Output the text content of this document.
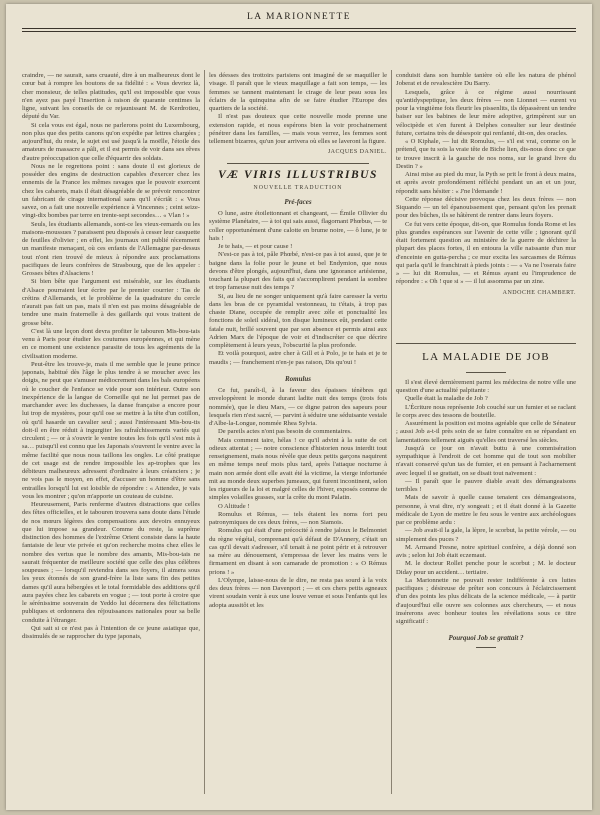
LA MARIONNETTE

craindre, — ne saurait, sans cruauté, dire à un malheureux dont le cœur bat à rompre les boutons de sa fidélité : « Vous devriez là, cher monsieur, de telles platitudes, qu'il est impossible que vous n'en ayez pas payé l'insertion à raison de quarante centimes la ligne, suivant les conseils de ce rejaunissant M. de Kerdrotieu, député du Var.

Si cela vous est égal, nous ne parlerons point du Luxembourg, non plus que des petits canons qu'on expédie par lettres chargées ; aujourd'hui, du reste, le sujet est usé jusqu'à la moëlle, l'étoile des amateurs de massacre a pâli, et il est permis de voir dans ses rêves d'autre préoccupation que celle d'équarrir des soldats.

Nous ne le regrettons point : sans doute il est glorieux de posséder des engins de destruction capables d'exercer chez les ennemis de la France les mêmes ravages que le pouvoir exercent chez les cabarets, mais il était désagréable de se prévoir rencontrer un fabricant de cirage international sans qu'il s'écriât : « Vous savez, on a fait une nouvelle expérience à Vincennes ; ceint seize-vingt-dix bombes par terre en trente-sept secondes… « Vlan ! »

Seuls, les étudiants allemands, sont-ce les vieux-remards ou les maisons-moussues ? paraissent peu disposés à cesser leur casquette de feuilles d'olivier ; en effet, les journaux ont publié récemment un manifeste menaçant, où ces enfants de l'Allemagne par-dessus tout n'ont rien trouvé de mieux à répondre aux proclamations pacifiques de leurs confrères de Strasbourg, que de les appeler : Grosses bêtes d'Alsaciens !

Si bien bête que l'argument est misérable, sur les étudiants d'Alsace pourraient leur écrire par le premier courrier : Tas de crétins d'Allemands, et le problème de la quadrature du cercle n'aurait pas fait un pas, mais il n'en est pas moins désagréable de tendre une main fraternelle à des gaillards qui vous traitent de grosse bête.

C'est là une leçon dont devra profiter le tabouren Mis-bou-tais venu à Paris pour étudier les coutumes européennes, et qui mène en ce moment une existence parasite de tous les agréments de la civilisation moderne.

Peut-être les trouve-je, mais il me semble que le jeune prince japonais, habitué dès l'âge le plus tendre à se moucher avec les doigts, ne peut que s'amuser médiocrement dans les bals européens où le coucher de l'enfance se vide pour son intérieur. Outre son inexpérience de la langue de Corneille qui ne lui permet pas de marchander avec les duchesses, la danse française a encore pour lui trop de mystères, pour qu'il ose se mettre à la tête d'un cotillon, où qu'il hasarde un cavalier seul ; aussi l'intéressant Mis-bou-tis doit-il en être réduit à ingurgiter les rafraîchissements variés qui circulent ; — or à s'ouvrir le ventre toutes les fois qu'il s'est mis à sa… puisqu'il est connu que les Japonais s'ouvrent le ventre avec la même facilité que nous nous taillons les ongles. Le côté pratique de cet usage est de rendre impossible les ap-trophes que les débiteurs malheureux adressent d'ordinaire à leurs créanciers ; je ne vois pas le moyen, en effet, d'accuser un homme d'être sans entrailles lorsqu'il lui est loisible de répondre : « Attendez, je vais vous les montrer ; qu'on m'apporte un couteau de cuisine.

Heureusement, Paris renferme d'autres distractions que celles des fêtes officielles, et le tabouren trouvera sans doute dans l'étude de nos mœurs légères des compensations aux devoirs ennuyeux que lui impose sa grandeur. Comme du reste, la suprême distinction des hommes de l'extrême Orient consiste dans la haute fantaisie de leur vie privée et qu'on recherche moins chez elles le nombre des vertus que le nombre des amants, Mis-bou-tais ne saurait fréquenter de meilleure société que celle des plus célèbres soupeuses ; — lorsqu'il reviendra dans ses foyers, il aimera sous les yeux étonnés de son grand-frère la liste sans fin des petites dames qu'il aura hébergées et le total formidable des additions qu'il aura payées chez les cabarets en vogue ; — tout porte à croire que le sérénissime souverain de Yeddo lui décernera des félicitations publiques et ordonnera des réjouissances nationales pour sa belle conduite à l'étranger.

Qui sait si ce n'est pas à l'intention de ce jeune asiatique que, dissimulés de se rapprocher du type japonais,

les déesses des trottoirs parisiens ont imaginé de se maquiller le visage. Il paraît que le vieux maquillage a fait son temps, — les femmes se tannent maintenant le cirage de leur peau sous les éclairs de la quinquina afin de se faire étudier l'Europe des quartiers de la société.

Il n'est pas douteux que cette nouvelle mode prenne une extension rapide, et nous espérons bien la voir prochainement pénétrer dans les familles, — mais vous verrez, les femmes sont tellement bizarres, qu'un jour arrivera où elles se laveront la figure.

JACQUES DANIEL.
VÆ VIRIS ILLUSTRIBUS
NOUVELLE TRADUCTION
Pré-faces

O lune, astre étoilettonnant et changeant, — Émile Ollivier du système Planétaire, — à toi qui sais aussi, flagornant Phœbus, — te coller opportunément d'une calotte en brume noire, — ô lune, je te hais !

Je te hais, — et pour cause !

N'est-ce pas à toi, pâle Phœbé, n'est-ce pas à toi aussi, que je te baigne dans la folie pour le jeune et bel Endymion, que nous devons d'être plongés, aujourd'hui, dans une ignorance artésienne, touchant la plupart des faits qui s'accomplirent pendant la sombre et trop fameuse nuit des temps ?

Si, au lieu de ne songer uniquement qu'à faire caresser la vertu dans les bras de ce pyramidal vestonneau, tu t'étais, à trop pas chaste Diane, occupée de remplir avec zèle et ponctualité les fonctions de soleil sidéral, ton disque lumineux eût, pendant cette fatale nuit, brillé souvent que par son absence et permis ainsi aux Adrien Marx de l'époque de voir et d'indiscréter ce que décrire complètement à leurs yeux, l'obscurité la plus profonde.

Et voilà pourquoi, astre cher à Gill et à Polo, je te hais et je te maudis ; — franchement n'en-je pas raison, Dis qu'oui !

Romulus

Ce fut, paraît-il, à la faveur des épaisses ténèbres qui enveloppèrent le monde durant ladite nuit des temps (trois fois nommée), que le dieu Mars, — ce digne patron des sapeurs pour lesquels rien n'est sacré, — parvint à séduire une séduisante vestale d'Albe-la-Longue, nommée Rhea Sylvia.

De pareils actes n'ont pas besoin de commentaires.

Mais comment taire, hélas ! ce qu'il advint à la suite de cet odieux attentat ; — notre conscience d'historien nous interdit tout renseignement, mais nous révèle que deux petits garçons naquirent en même temps neuf mois plus tard, après l'attaque nocturne à main non armée dont elle avait été la victime, la vierge infortunée mit au monde deux superbes jumeaux, qui furent incontinent, selon les rigueurs de la loi et malgré celles de l'hiver, exposés comme de simples volailles grasses, sur la crête du mont Palatin.

O Altitude !

Romulus et Rémus, — tels étaient les noms fort peu patronymiques de ces deux frères, — non Siamois.

Romulus qui était d'une précocité à rendre jaloux le Belmontet du règne végétal, comprenant qu'à défaut de D'Annery, c'était un cas qu'il devait s'adresser, s'il tenait à ne point périr et à retrouver sa mère au dénouement, s'empressa de lever les mains vers le firmament en disant à son camarade de promotion : « O Rémus prions ! »

L'Olympe, laisse-nous de le dire, ne resta pas sourd à la voix des deux frères — non Davenport ; — et ces chers petits agneaux virent soudain venir à eux une louve venue et sous l'enfants qui les adopta aussitôt et les

conduisit dans son humble tanière où elle les natura de phénol Joberat et de revalescière Du Barry.

Lesquels, grâce à ce régime aussi nourrissant qu'antidyspeptique, les deux frères — non Lionnet — eurent vu pour la vingtième fois fleurir les pissenlits, ils dépassèrent un tendre baiser sur les babines de leur mère adoptive, grimpèrent sur un vélocipède et s'en furent à Delphes consulter sur leur destinée future, certains très de désespoir qui renfanté, dit-on, des oracles.

« O Kiphale, — lui dit Romulus, — s'il est vrai, comme on le prétend, que tu sois la vraie tête de Biche lien, dis-nous donc ce que te trouve inscrit à la gauche de nos noms, sur le grand livre du Destin ? »

Ainsi mise au pied du mur, la Pyth se prit le front à deux mains, et après avoir profondément réfléchi pendant un an et un jour, répondit sans hésiter : « J'ne l'demande !

Cette réponse décisive provoqua chez les deux frères — non Siquando — un tel épanouissement que, pensant qu'on les prenait pour des bûches, ils se hâtèrent de rentrer dans leurs foyers.

Ce fut vers cette époque, dit-on, que Romulus fonda Rome et les plus grandes espérances sur l'avenir de cette ville ; ignorant qu'il était fortement question au ministère de la guerre de déchirer la plupart des places fortes, il en entoura la ville naissante d'un mur d'enceinte en gutta-percha ; ce mur excita les sarcasmes de Rémus qui parla qu'il le franchirait à pieds joints : — « Va ne l'oserais faire » — lui dit Romulus, — et Rémus ayant eu l'imprudence de répondre : « Oh ! que si » — il lui assomma par un zine.

ANDOCHE CHAMBERT.
LA MALADIE DE JOB

Il s'est élevé dernièrement parmi les médecins de notre ville une question d'une actualité palpitante :

Quelle était la maladie de Job ?

L'Écriture nous représente Job couché sur un fumier et se raclant le corps avec des tessons de bouteille.

Assurément la position est moins agréable que celle de Sénateur ; aussi Job a-t-il près soin de se faire connaître en se répandant en lamentations tellement aiguës qu'elles ont traversé les siècles.

Jusqu'à ce jour on n'avait buttu à une commisération sympathique à l'endroit de cet homme qui de tout son mobilier n'avait conservé qu'un tas de fumier, et en pensant à l'acharnement avec lequel il se grattait, on se disait tout naïvement :

— Il paraît que le pauvre diable avait des démangeaisons terribles !

Mais de savoir à quelle cause tenaient ces démangeaisons, personne, à vrai dire, n'y songeait ; et il était donné à la Gazette médicale de Lyon de mettre le feu sous le ventre aux archéologues par ce problème ardu :

— Job avait-il la gale, la lèpre, le scorbut, la petite vérole, — ou simplement des puces ?

M. Armand Fresne, notre spirituel confrère, a déjà donné son avis ; selon lui Job était eczemaut.

M. le docteur Rollet penche pour le scorbut ; M. le docteur Diday pour un accident… tertiaire.

La Marionnette ne pouvait rester indifférente à ces luttes pacifiques ; désireuse de prêter son concours à l'éclaircissement d'un des points les plus délicats de la science médicale, — à partir d'aujourd'hui elle ouvre ses colonnes aux chercheurs, — et nous insérerons avec bonheur toutes les révélations sous ce titre significatif :

Pourquoi Job se grattait ?
